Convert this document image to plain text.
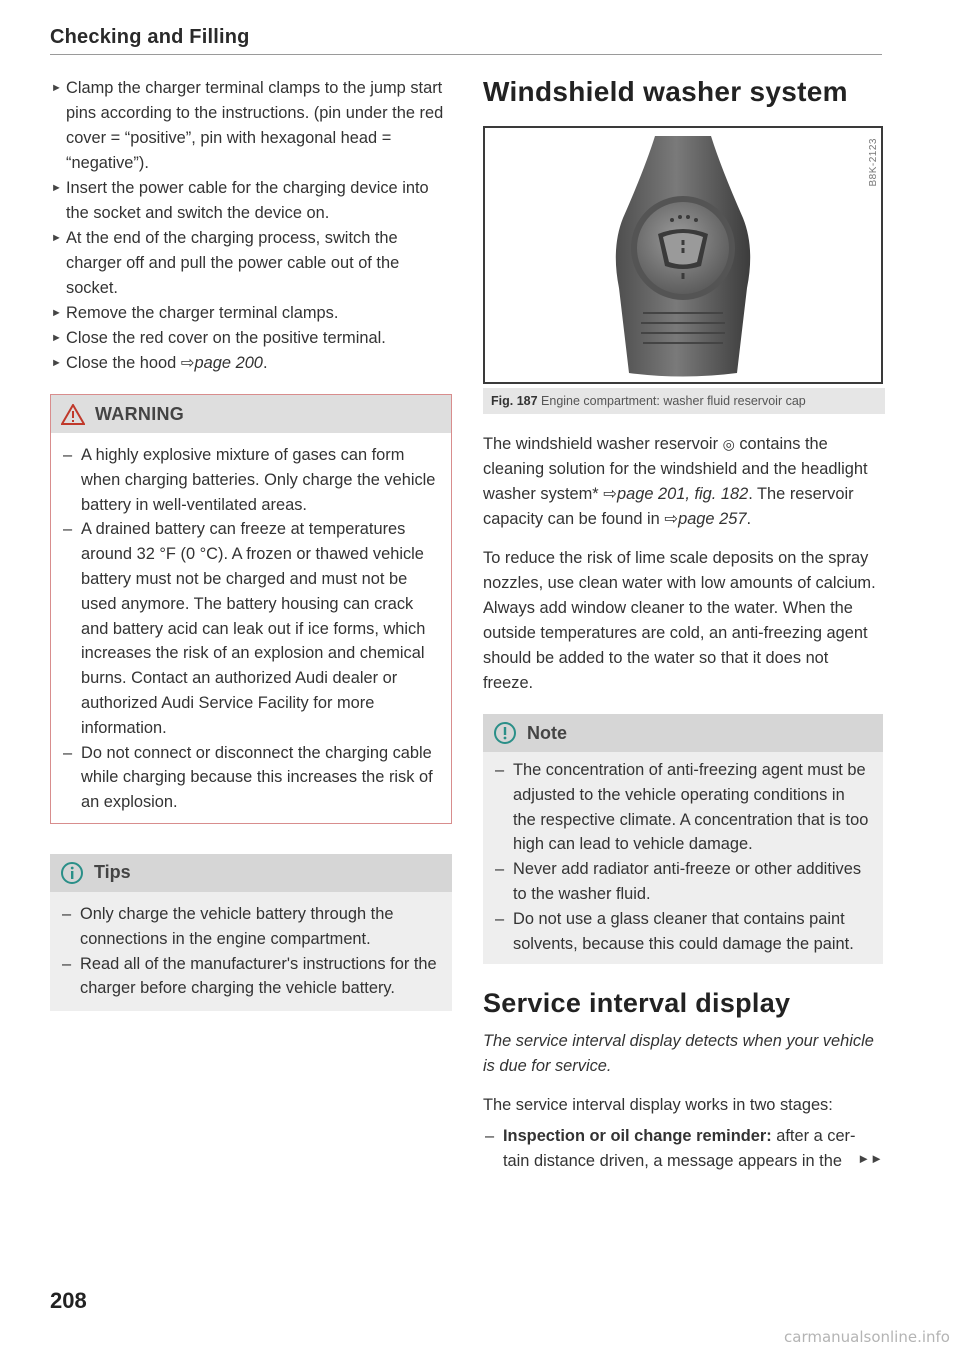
Checking and Filling
► Clamp the charger terminal clamps to the jump start pins according to the instructions. (pin under the red cover = “positive”, pin with hexagonal head = “negative”).
► Insert the power cable for the charging device into the socket and switch the device on.
► At the end of the charging process, switch the charger off and pull the power cable out of the socket.
► Remove the charger terminal clamps.
► Close the red cover on the positive terminal.
► Close the hood ⇨page 200.
WARNING
– A highly explosive mixture of gases can form when charging batteries. Only charge the vehicle battery in well-ventilated areas.
– A drained battery can freeze at temperatures around 32 °F (0 °C). A frozen or thawed vehicle battery must not be charged and must not be used anymore. The battery housing can crack and battery acid can leak out if ice forms, which increases the risk of an explosion and chemical burns. Contact an authorized Audi dealer or authorized Audi Service Facility for more information.
– Do not connect or disconnect the charging cable while charging because this increases the risk of an explosion.
Tips
– Only charge the vehicle battery through the connections in the engine compartment.
– Read all of the manufacturer's instructions for the charger before charging the vehicle battery.
Windshield washer system
B8K-2123
Fig. 187 Engine compartment: washer fluid reservoir cap

The windshield washer reservoir ◎ contains the cleaning solution for the windshield and the headlight washer system* ⇨page 201, fig. 182. The reservoir capacity can be found in ⇨page 257.

To reduce the risk of lime scale deposits on the spray nozzles, use clean water with low amounts of calcium. Always add window cleaner to the water. When the outside temperatures are cold, an anti-freezing agent should be added to the water so that it does not freeze.

Note
– The concentration of anti-freezing agent must be adjusted to the vehicle operating conditions in the respective climate. A concentration that is too high can lead to vehicle damage.
– Never add radiator anti-freeze or other additives to the washer fluid.
– Do not use a glass cleaner that contains paint solvents, because this could damage the paint.
Service interval display

The service interval display detects when your vehicle is due for service.

The service interval display works in two stages:

– Inspection or oil change reminder: after a certain distance driven, a message appears in the ►►
208
carmanualsonline.info
